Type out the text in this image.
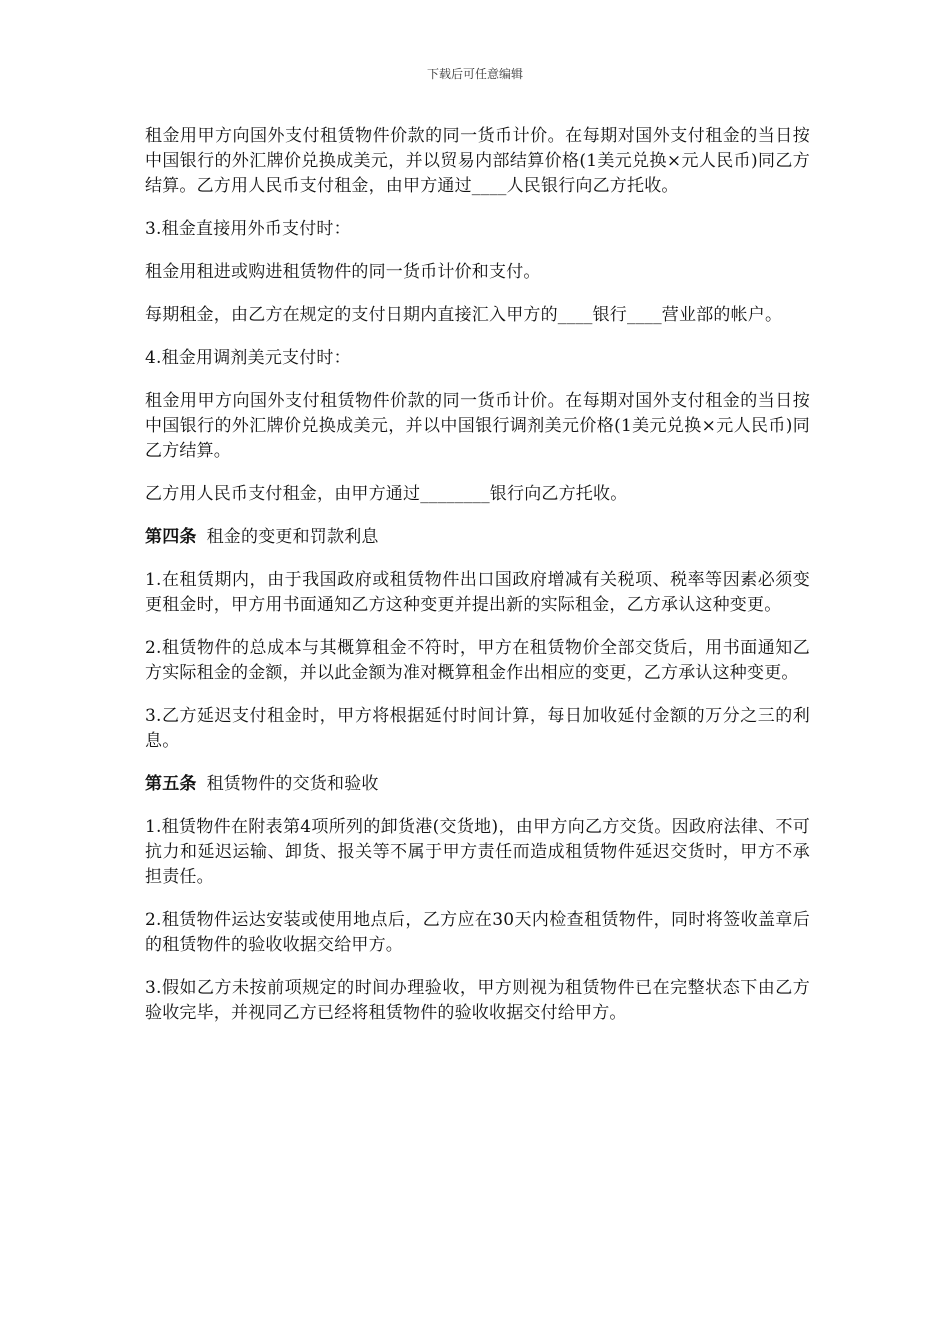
下载后可任意编辑

租金用甲方向国外支付租赁物件价款的同一货币计价。在每期对国外支付租金的当日按中国银行的外汇牌价兑换成美元，并以贸易内部结算价格(1美元兑换×元人民币)同乙方结算。乙方用人民币支付租金，由甲方通过____人民银行向乙方托收。

3.租金直接用外币支付时：

租金用租进或购进租赁物件的同一货币计价和支付。

每期租金，由乙方在规定的支付日期内直接汇入甲方的____银行____营业部的帐户。

4.租金用调剂美元支付时：

租金用甲方向国外支付租赁物件价款的同一货币计价。在每期对国外支付租金的当日按中国银行的外汇牌价兑换成美元，并以中国银行调剂美元价格(1美元兑换×元人民币)同乙方结算。

乙方用人民币支付租金，由甲方通过________银行向乙方托收。

第四条 租金的变更和罚款利息

1.在租赁期内，由于我国政府或租赁物件出口国政府增减有关税项、税率等因素必须变更租金时，甲方用书面通知乙方这种变更并提出新的实际租金，乙方承认这种变更。

2.租赁物件的总成本与其概算租金不符时，甲方在租赁物价全部交货后，用书面通知乙方实际租金的金额，并以此金额为准对概算租金作出相应的变更，乙方承认这种变更。

3.乙方延迟支付租金时，甲方将根据延付时间计算，每日加收延付金额的万分之三的利息。

第五条 租赁物件的交货和验收

1.租赁物件在附表第4项所列的卸货港(交货地)，由甲方向乙方交货。因政府法律、不可抗力和延迟运输、卸货、报关等不属于甲方责任而造成租赁物件延迟交货时，甲方不承担责任。

2.租赁物件运达安装或使用地点后，乙方应在30天内检查租赁物件，同时将签收盖章后的租赁物件的验收收据交给甲方。

3.假如乙方未按前项规定的时间办理验收，甲方则视为租赁物件已在完整状态下由乙方验收完毕，并视同乙方已经将租赁物件的验收收据交付给甲方。
